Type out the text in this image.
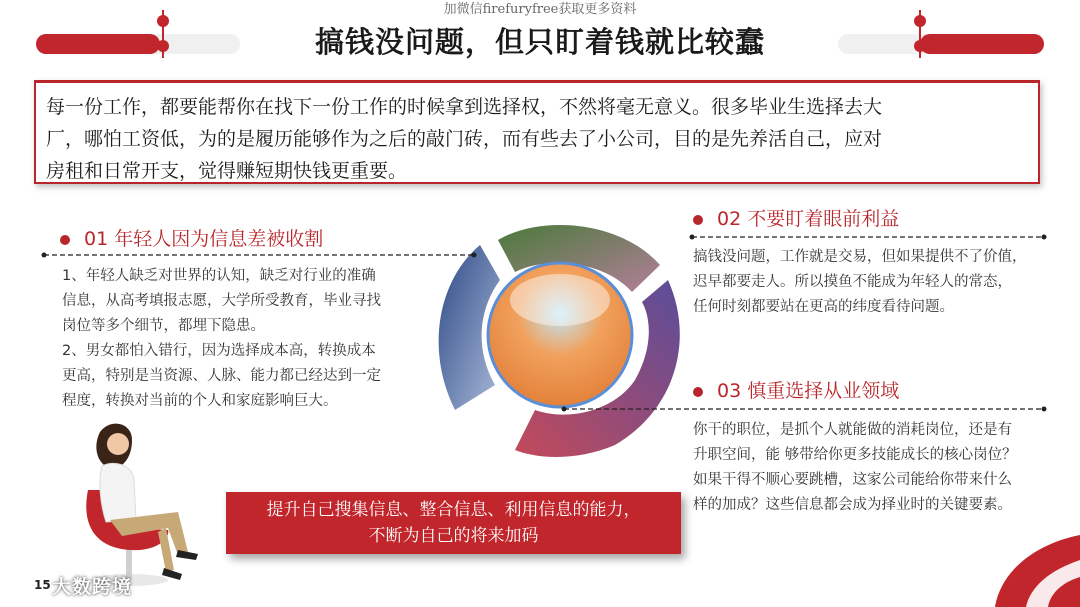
加微信firefuryfree获取更多资料
搞钱没问题，但只盯着钱就比较蠢
每一份工作，都要能帮你在找下一份工作的时候拿到选择权，不然将毫无意义。很多毕业生选择去大
厂，哪怕工资低，为的是履历能够作为之后的敲门砖，而有些去了小公司，目的是先养活自己，应对
房租和日常开支，觉得赚短期快钱更重要。
01 年轻人因为信息差被收割
1、年轻人缺乏对世界的认知，缺乏对行业的准确
信息，从高考填报志愿，大学所受教育，毕业寻找
岗位等多个细节，都埋下隐患。
2、男女都怕入错行，因为选择成本高，转换成本
更高，特别是当资源、人脉、能力都已经达到一定
程度，转换对当前的个人和家庭影响巨大。
02 不要盯着眼前利益
搞钱没问题，工作就是交易，但如果提供不了价值，
迟早都要走人。所以摸鱼不能成为年轻人的常态，
任何时刻都要站在更高的纬度看待问题。
03 慎重选择从业领域
你干的职位，是抓个人就能做的消耗岗位，还是有
升职空间，能 够带给你更多技能成长的核心岗位？
如果干得不顺心要跳槽，这家公司能给你带来什么
样的加成？这些信息都会成为择业时的关键要素。
提升自己搜集信息、整合信息、利用信息的能力，
不断为自己的将来加码
15 大数跨境
